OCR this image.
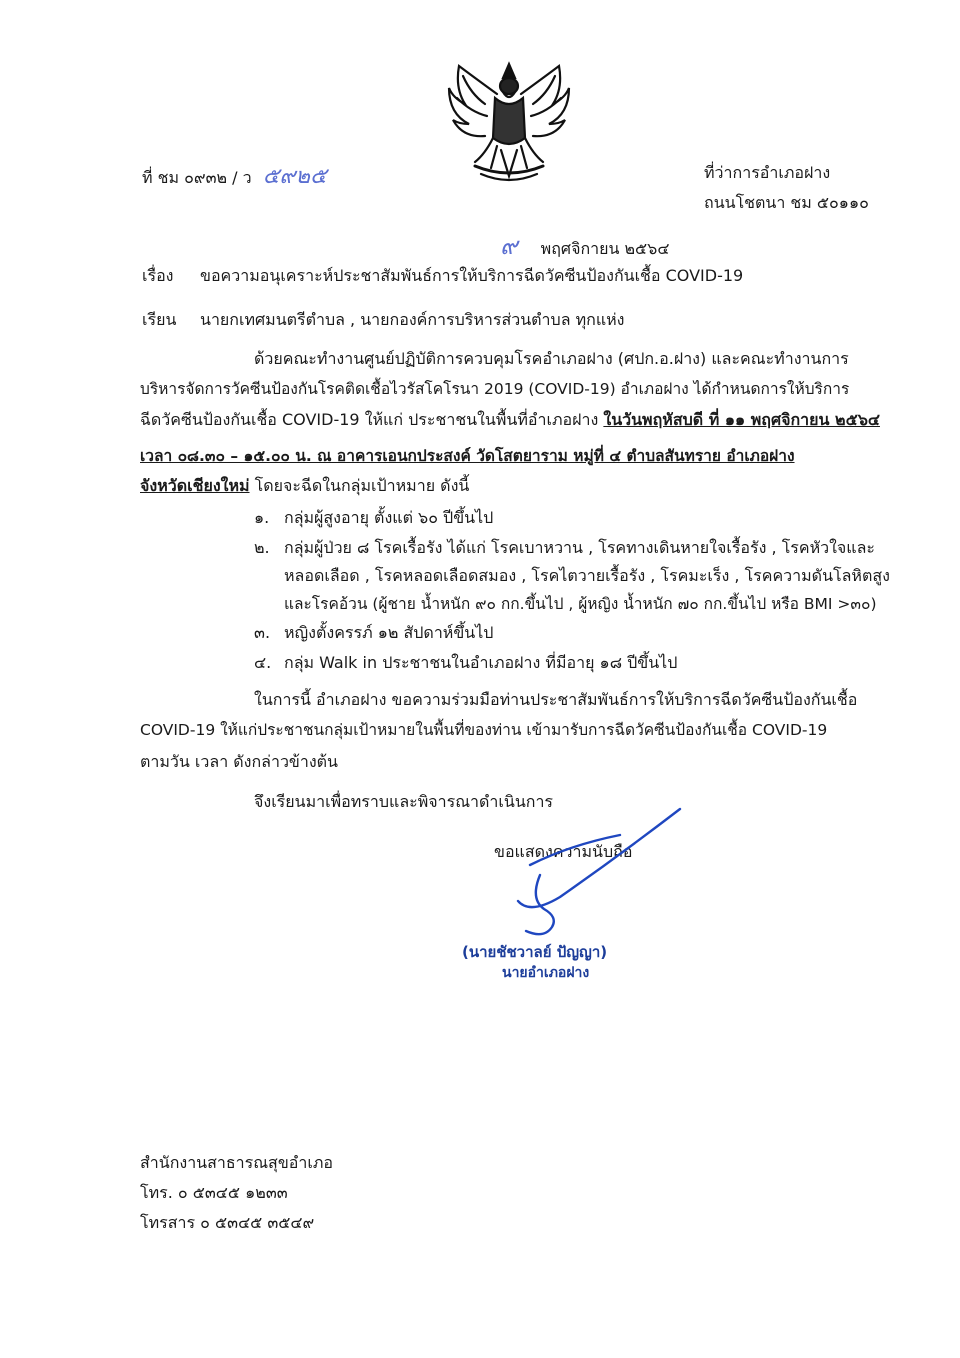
ที่ ชม ๐๙๓๒ / ว ๕๙๒๕	ที่ว่าการอำเภอฝาง
ถนนโชตนา ชม ๕๐๑๑๐
๙ พฤศจิกายน ๒๕๖๔
เรื่อง ขอความอนุเคราะห์ประชาสัมพันธ์การให้บริการฉีดวัคซีนป้องกันเชื้อ COVID-19
เรียน นายกเทศมนตรีตำบล , นายกองค์การบริหารส่วนตำบล ทุกแห่ง
ด้วยคณะทำงานศูนย์ปฏิบัติการควบคุมโรคอำเภอฝาง (ศปก.อ.ฝาง) และคณะทำงานการ
บริหารจัดการวัคซีนป้องกันโรคติดเชื้อไวรัสโคโรนา 2019 (COVID-19) อำเภอฝาง ได้กำหนดการให้บริการ
ฉีดวัคซีนป้องกันเชื้อ COVID-19 ให้แก่ ประชาชนในพื้นที่อำเภอฝาง ในวันพฤหัสบดี ที่ ๑๑ พฤศจิกายน ๒๕๖๔
เวลา ๐๘.๓๐ – ๑๕.๐๐ น. ณ อาคารเอนกประสงค์ วัดโสตยาราม หมู่ที่ ๔ ตำบลสันทราย อำเภอฝาง
จังหวัดเชียงใหม่ โดยจะฉีดในกลุ่มเป้าหมาย ดังนี้
๑. กลุ่มผู้สูงอายุ ตั้งแต่ ๖๐ ปีขึ้นไป
๒. กลุ่มผู้ป่วย ๘ โรคเรื้อรัง ได้แก่ โรคเบาหวาน , โรคทางเดินหายใจเรื้อรัง , โรคหัวใจและ
หลอดเลือด , โรคหลอดเลือดสมอง , โรคไตวายเรื้อรัง , โรคมะเร็ง , โรคความดันโลหิตสูง
และโรคอ้วน (ผู้ชาย น้ำหนัก ๙๐ กก.ขึ้นไป , ผู้หญิง น้ำหนัก ๗๐ กก.ขึ้นไป หรือ BMI >๓๐)
๓. หญิงตั้งครรภ์ ๑๒ สัปดาห์ขึ้นไป
๔. กลุ่ม Walk in ประชาชนในอำเภอฝาง ที่มีอายุ ๑๘ ปีขึ้นไป
ในการนี้ อำเภอฝาง ขอความร่วมมือท่านประชาสัมพันธ์การให้บริการฉีดวัคซีนป้องกันเชื้อ
COVID-19 ให้แก่ประชาชนกลุ่มเป้าหมายในพื้นที่ของท่าน เข้ามารับการฉีดวัคซีนป้องกันเชื้อ COVID-19
ตามวัน เวลา ดังกล่าวข้างต้น
จึงเรียนมาเพื่อทราบและพิจารณาดำเนินการ
ขอแสดงความนับถือ
(นายชัชวาลย์ ปัญญา)
นายอำเภอฝาง
สำนักงานสาธารณสุขอำเภอ
โทร. ๐ ๕๓๔๕ ๑๒๓๓
โทรสาร ๐ ๕๓๔๕ ๓๕๔๙
